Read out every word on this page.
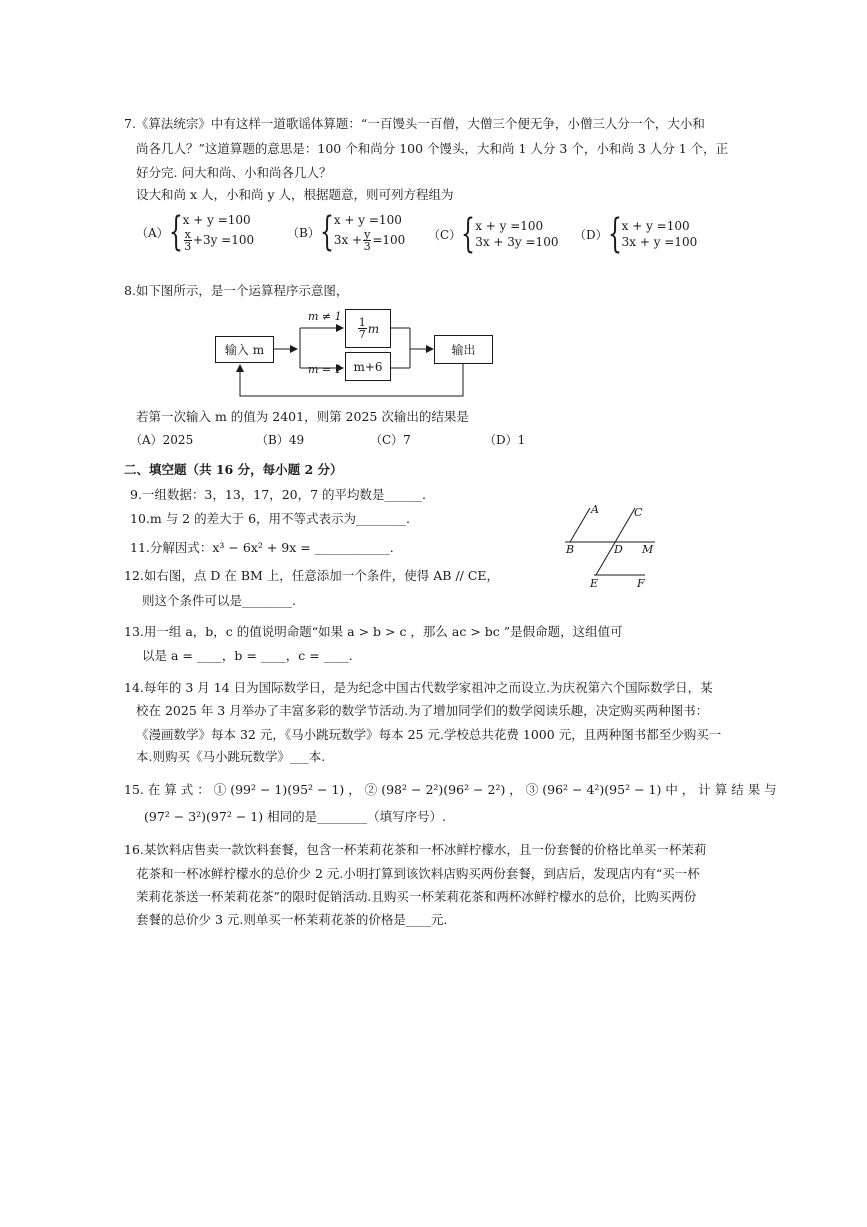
7.《算法统宗》中有这样一道歌谣体算题：“一百馒头一百僧，大僧三个便无争，小僧三人分一个，大小和
尚各几人？”这道算题的意思是：100 个和尚分 100 个馒头，大和尚 1 人分 3 个，小和尚 3 人分 1 个，正
好分完. 问大和尚、小和尚各几人？
设大和尚 x 人，小和尚 y 人，根据题意，则可列方程组为
（A） { x + y =100
$\frac{x}{3} +3y =100$	（B） { x + y =100
$3x + \frac{y}{3} =100$ （C） { x + y =100
3x + 3y =100
（D） { x + y =100
3x + y =100
8.如下图所示，是一个运算程序示意图，
输入 m
$\frac{1}{7}$ m
m+6
输出
m ≠ 1
m = 1
若第一次输入 m 的值为 2401，则第 2025 次输出的结果是
（A）2025	（B）49	（C）7	（D）1
二、填空题（共 16 分，每小题 2 分）
9.一组数据：3，13，17，20，7 的平均数是______.
10.m 与 2 的差大于 6，用不等式表示为________.
11.分解因式：x³ − 6x² + 9x = ____________.
12.如右图，点 D 在 BM 上，任意添加一个条件，使得 AB // CE，
则这个条件可以是________.
A	C
B	D M
E	F
13.用一组 a，b，c 的值说明命题“如果 a > b > c ，那么 ac > bc ”是假命题，这组值可
以是 a = ____，b = ____，c = ____.
14.每年的 3 月 14 日为国际数学日，是为纪念中国古代数学家祖冲之而设立.为庆祝第六个国际数学日，某
校在 2025 年 3 月举办了丰富多彩的数学节活动.为了增加同学们的数学阅读乐趣，决定购买两种图书：
《漫画数学》每本 32 元，《马小跳玩数学》每本 25 元.学校总共花费 1000 元，且两种图书都至少购买一
本.则购买《马小跳玩数学》___本.
15. 在 算 式 ： ① (99² − 1)(95² − 1) ， ② (98² − 2²)(96² − 2²) ， ③ (96² − 4²)(95² − 1) 中 ， 计 算 结 果 与
(97² − 3²)(97² − 1) 相同的是________（填写序号）.
16.某饮料店售卖一款饮料套餐，包含一杯茉莉花茶和一杯冰鲜柠檬水，且一份套餐的价格比单买一杯茉莉
花茶和一杯冰鲜柠檬水的总价少 2 元.小明打算到该饮料店购买两份套餐，到店后，发现店内有“买一杯
茉莉花茶送一杯茉莉花茶”的限时促销活动.且购买一杯茉莉花茶和两杯冰鲜柠檬水的总价，比购买两份
套餐的总价少 3 元.则单买一杯茉莉花茶的价格是____元.
